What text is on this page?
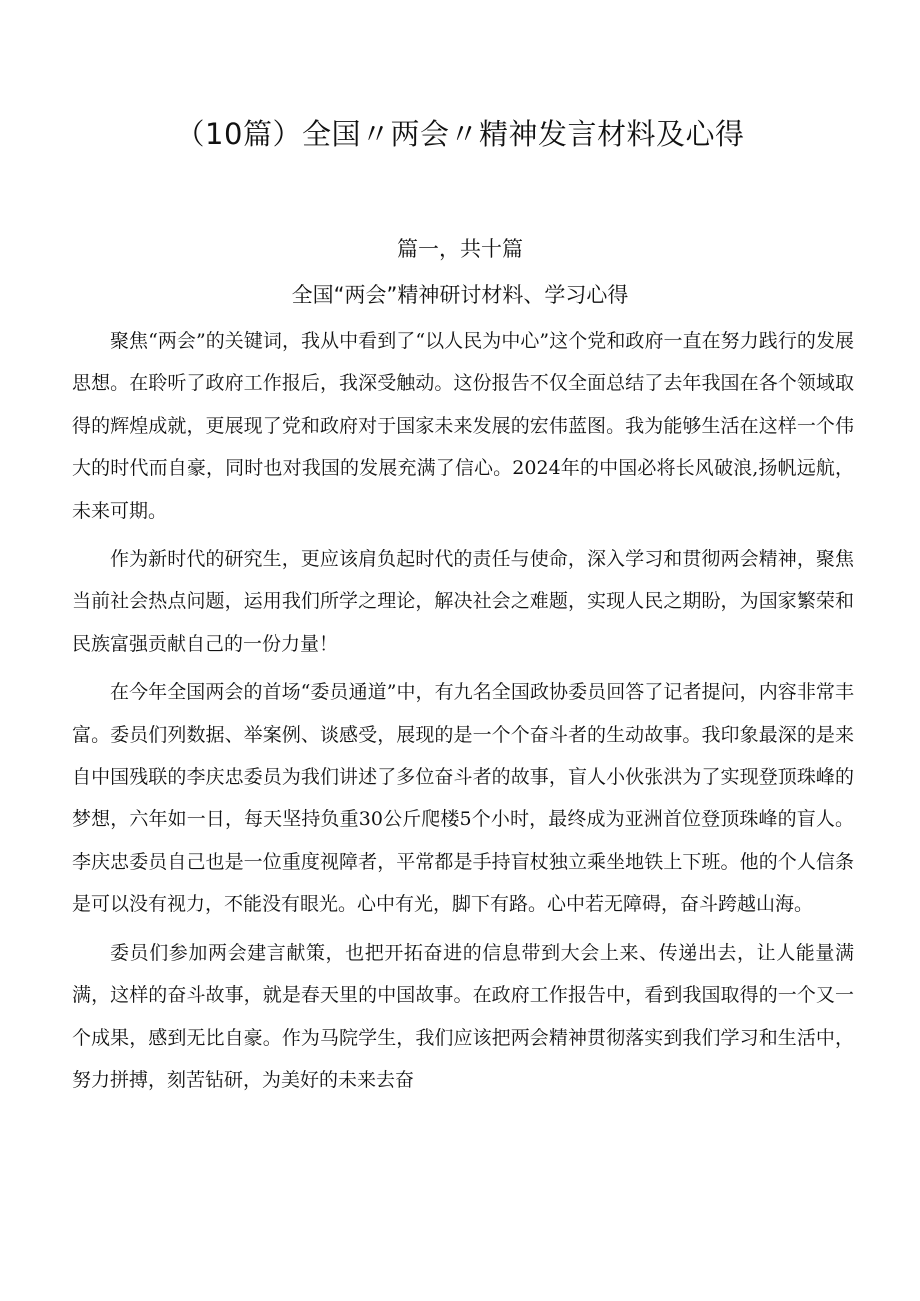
（10篇）全国〃两会〃精神发言材料及心得
篇一，共十篇
全国“两会”精神研讨材料、学习心得

聚焦“两会”的关键词，我从中看到了“以人民为中心”这个党和政府一直在努力践行的发展思想。在聆听了政府工作报后，我深受触动。这份报告不仅全面总结了去年我国在各个领域取得的辉煌成就，更展现了党和政府对于国家未来发展的宏伟蓝图。我为能够生活在这样一个伟大的时代而自豪，同时也对我国的发展充满了信心。2024年的中国必将长风破浪,扬帆远航，未来可期。

作为新时代的研究生，更应该肩负起时代的责任与使命，深入学习和贯彻两会精神，聚焦当前社会热点问题，运用我们所学之理论，解决社会之难题，实现人民之期盼，为国家繁荣和民族富强贡献自己的一份力量！

在今年全国两会的首场“委员通道”中，有九名全国政协委员回答了记者提问，内容非常丰富。委员们列数据、举案例、谈感受，展现的是一个个奋斗者的生动故事。我印象最深的是来自中国残联的李庆忠委员为我们讲述了多位奋斗者的故事，盲人小伙张洪为了实现登顶珠峰的梦想，六年如一日，每天坚持负重30公斤爬楼5个小时，最终成为亚洲首位登顶珠峰的盲人。李庆忠委员自己也是一位重度视障者，平常都是手持盲杖独立乘坐地铁上下班。他的个人信条是可以没有视力，不能没有眼光。心中有光，脚下有路。心中若无障碍，奋斗跨越山海。

委员们参加两会建言献策，也把开拓奋进的信息带到大会上来、传递出去，让人能量满满，这样的奋斗故事，就是春天里的中国故事。在政府工作报告中，看到我国取得的一个又一个成果，感到无比自豪。作为马院学生，我们应该把两会精神贯彻落实到我们学习和生活中，努力拼搏，刻苦钻研，为美好的未来去奋
